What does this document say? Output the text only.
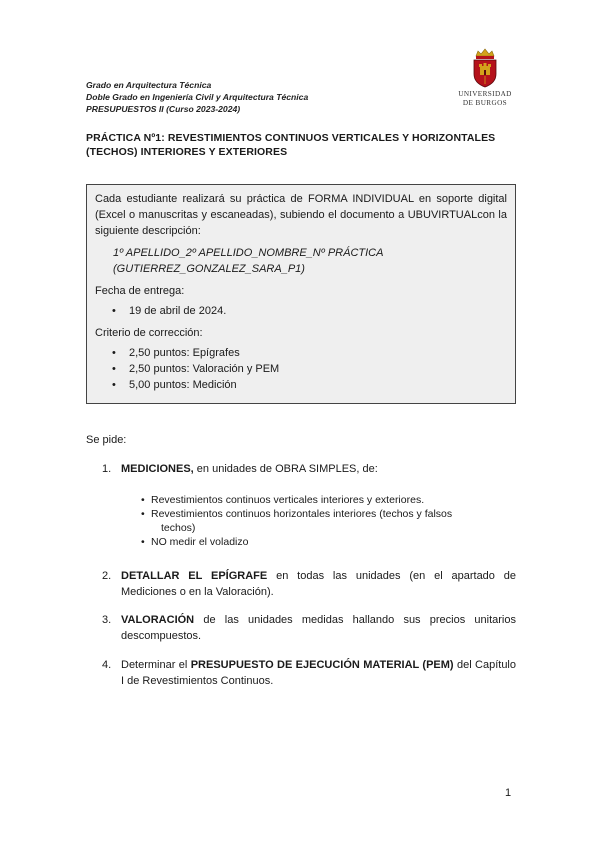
Grado en Arquitectura Técnica
Doble Grado en Ingeniería Civil y Arquitectura Técnica
PRESUPUESTOS II (Curso 2023-2024)
UNIVERSIDAD
DE BURGOS
PRÁCTICA Nº1: REVESTIMIENTOS CONTINUOS VERTICALES Y HORIZONTALES
(TECHOS) INTERIORES Y EXTERIORES

Cada estudiante realizará su práctica de FORMA INDIVIDUAL en soporte digital (Excel o manuscritas y escaneadas), subiendo el documento a UBUVIRTUALcon la siguiente descripción:

1º APELLIDO_2º APELLIDO_NOMBRE_Nº PRÁCTICA
(GUTIERREZ_GONZALEZ_SARA_P1)

Fecha de entrega:

• 19 de abril de 2024.

Criterio de corrección:

• 2,50 puntos: Epígrafes
• 2,50 puntos: Valoración y PEM
• 5,00 puntos: Medición
Se pide:
1. MEDICIONES, en unidades de OBRA SIMPLES, de:
• Revestimientos continuos verticales interiores y exteriores.
• Revestimientos continuos horizontales interiores (techos y falsos
techos)
• NO medir el voladizo
2. DETALLAR EL EPÍGRAFE en todas las unidades (en el apartado de Mediciones o en la Valoración).
3. VALORACIÓN de las unidades medidas hallando sus precios unitarios descompuestos.
4. Determinar el PRESUPUESTO DE EJECUCIÓN MATERIAL (PEM) del Capítulo I de Revestimientos Continuos.
1
